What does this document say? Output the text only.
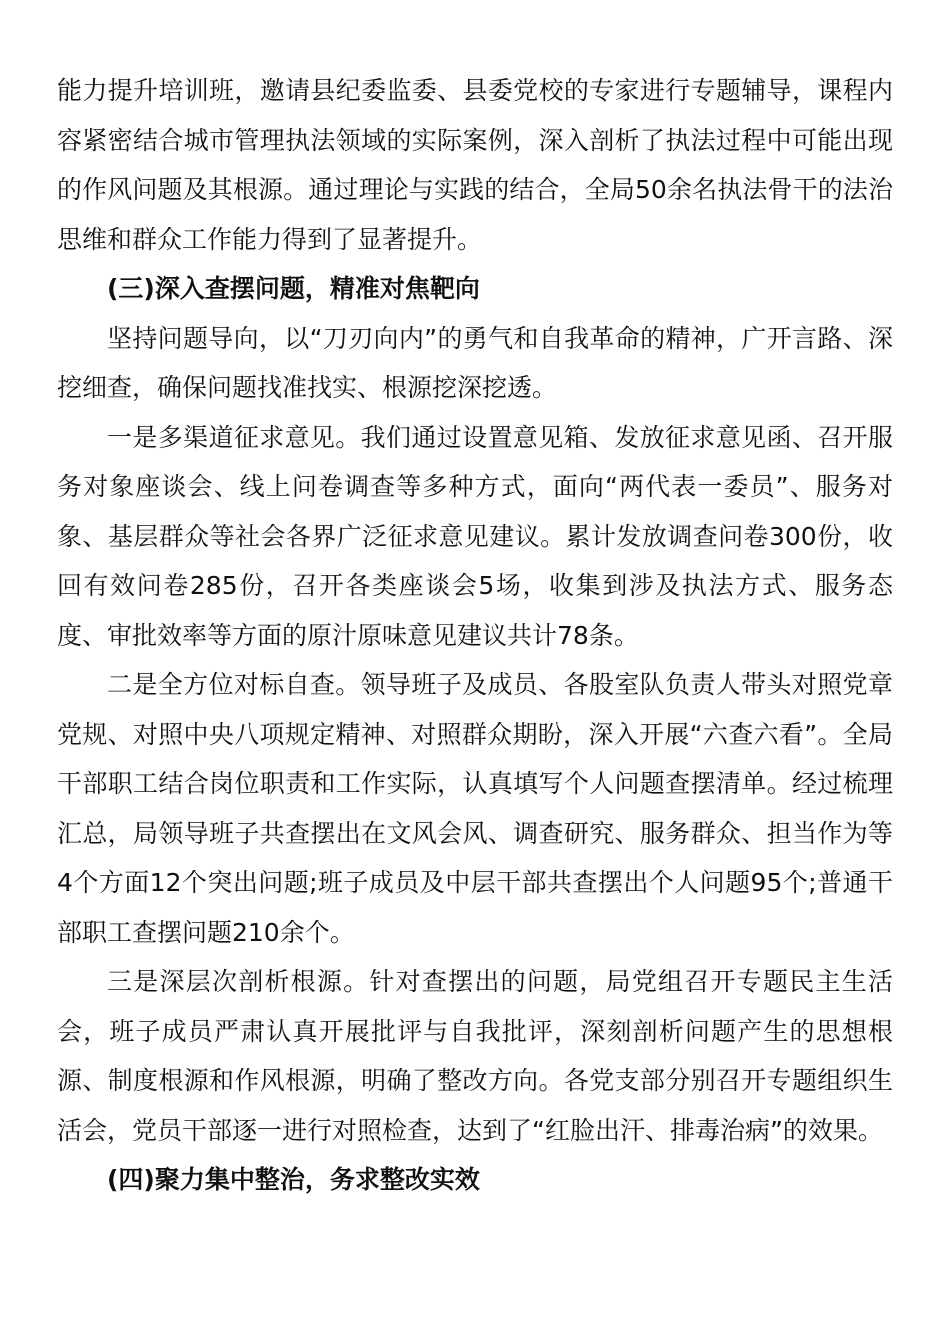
能力提升培训班，邀请县纪委监委、县委党校的专家进行专题辅导，课程内容紧密结合城市管理执法领域的实际案例，深入剖析了执法过程中可能出现的作风问题及其根源。通过理论与实践的结合，全局50余名执法骨干的法治思维和群众工作能力得到了显著提升。

(三)深入查摆问题，精准对焦靶向

坚持问题导向，以“刀刃向内”的勇气和自我革命的精神，广开言路、深挖细查，确保问题找准找实、根源挖深挖透。

一是多渠道征求意见。我们通过设置意见箱、发放征求意见函、召开服务对象座谈会、线上问卷调查等多种方式，面向“两代表一委员”、服务对象、基层群众等社会各界广泛征求意见建议。累计发放调查问卷300份，收回有效问卷285份，召开各类座谈会5场，收集到涉及执法方式、服务态度、审批效率等方面的原汁原味意见建议共计78条。

二是全方位对标自查。领导班子及成员、各股室队负责人带头对照党章党规、对照中央八项规定精神、对照群众期盼，深入开展“六查六看”。全局干部职工结合岗位职责和工作实际，认真填写个人问题查摆清单。经过梳理汇总，局领导班子共查摆出在文风会风、调查研究、服务群众、担当作为等4个方面12个突出问题;班子成员及中层干部共查摆出个人问题95个;普通干部职工查摆问题210余个。

三是深层次剖析根源。针对查摆出的问题，局党组召开专题民主生活会，班子成员严肃认真开展批评与自我批评，深刻剖析问题产生的思想根源、制度根源和作风根源，明确了整改方向。各党支部分别召开专题组织生活会，党员干部逐一进行对照检查，达到了“红脸出汗、排毒治病”的效果。

(四)聚力集中整治，务求整改实效
